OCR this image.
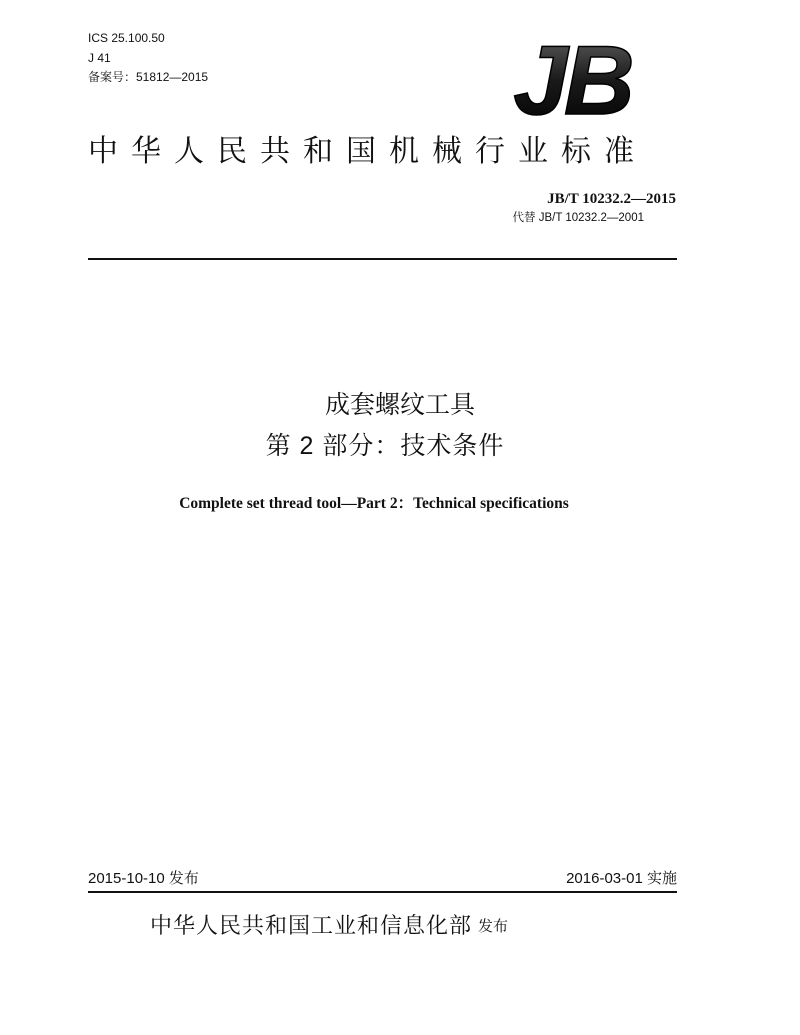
ICS 25.100.50
J 41
备案号：51812—2015	JB
中华人民共和国机械行业标准
JB/T 10232.2—2015
代替 JB/T 10232.2—2001
成套螺纹工具
第 2 部分：技术条件
Complete set thread tool—Part 2：Technical specifications
2015-10-10 发布	2016-03-01 实施
中华人民共和国工业和信息化部 发布
